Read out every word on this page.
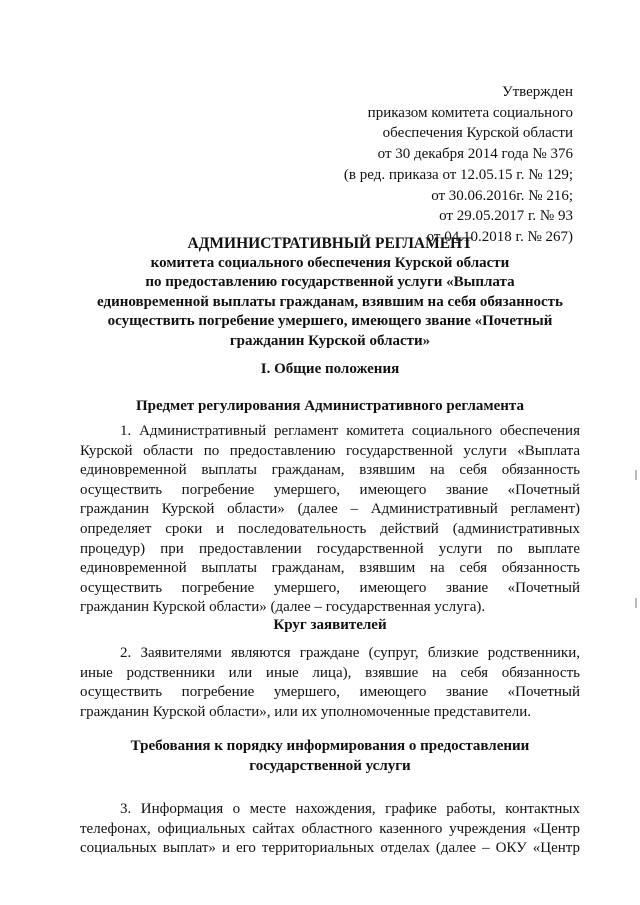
Утвержден
приказом комитета социального
обеспечения Курской области
от 30 декабря 2014 года № 376
(в ред. приказа от 12.05.15 г. № 129;
от 30.06.2016г. № 216;
от 29.05.2017 г. № 93
от 04.10.2018 г. № 267)
АДМИНИСТРАТИВНЫЙ РЕГЛАМЕНТ
комитета социального обеспечения Курской области
по предоставлению государственной услуги «Выплата
единовременной выплаты гражданам, взявшим на себя обязанность
осуществить погребение умершего, имеющего звание «Почетный
гражданин Курской области»
I. Общие положения
Предмет регулирования Административного регламента
1. Административный регламент комитета социального обеспечения
Курской области по предоставлению государственной услуги «Выплата
единовременной выплаты гражданам, взявшим на себя обязанность
осуществить погребение умершего, имеющего звание «Почетный
гражданин Курской области» (далее – Административный регламент)
определяет сроки и последовательность действий (административных
процедур) при предоставлении государственной услуги по выплате
единовременной выплаты гражданам, взявшим на себя обязанность
осуществить погребение умершего, имеющего звание «Почетный
гражданин Курской области» (далее – государственная услуга).
Круг заявителей
2. Заявителями являются граждане (супруг, близкие родственники,
иные родственники или иные лица), взявшие на себя обязанность
осуществить погребение умершего, имеющего звание «Почетный
гражданин Курской области», или их уполномоченные представители.
Требования к порядку информирования о предоставлении
государственной услуги
3. Информация о месте нахождения, графике работы, контактных
телефонах, официальных сайтах областного казенного учреждения «Центр
социальных выплат» и его территориальных отделах (далее – ОКУ «Центр
